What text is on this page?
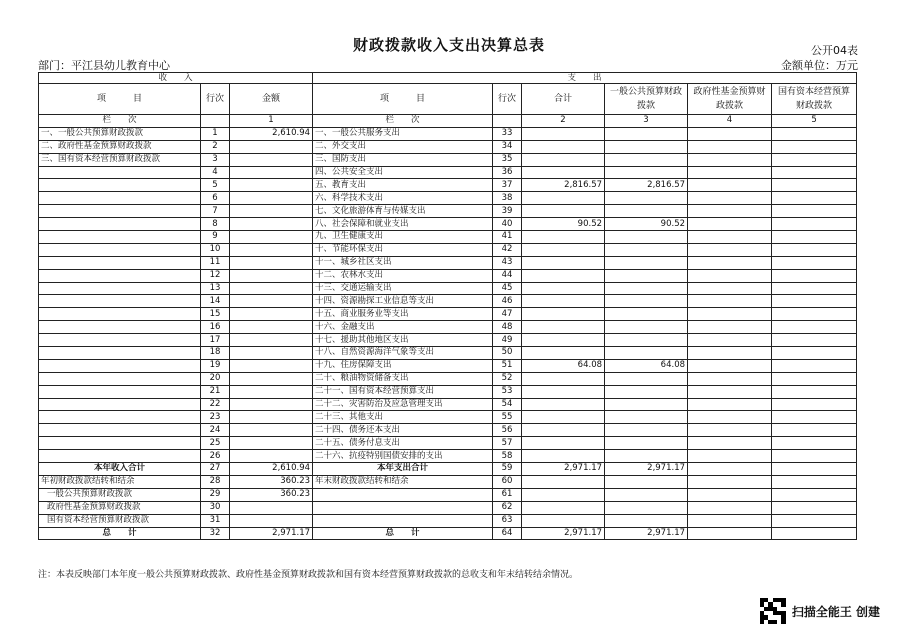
财政拨款收入支出决算总表	公开04表
部门：平江县幼儿教育中心	金额单位：万元
收　　入			支　　出					
项　　　目	行次	金额	项　　　目	行次	合计	一般公共预算财政拨款	政府性基金预算财政拨款	国有资本经营预算财政拨款
栏　　次		1	栏　　次		2	3	4	5
一、一般公共预算财政拨款	1	2,610.94	一、一般公共服务支出	33				
二、政府性基金预算财政拨款	2		二、外交支出	34				
三、国有资本经营预算财政拨款	3		三、国防支出	35				
	4		四、公共安全支出	36				
	5		五、教育支出	37	2,816.57	2,816.57		
	6		六、科学技术支出	38				
	7		七、文化旅游体育与传媒支出	39				
	8		八、社会保障和就业支出	40	90.52	90.52		
	9		九、卫生健康支出	41				
	10		十、节能环保支出	42				
	11		十一、城乡社区支出	43				
	12		十二、农林水支出	44				
	13		十三、交通运输支出	45				
	14		十四、资源勘探工业信息等支出	46				
	15		十五、商业服务业等支出	47				
	16		十六、金融支出	48				
	17		十七、援助其他地区支出	49				
	18		十八、自然资源海洋气象等支出	50				
	19		十九、住房保障支出	51	64.08	64.08		
	20		二十、粮油物资储备支出	52				
	21		二十一、国有资本经营预算支出	53				
	22		二十二、灾害防治及应急管理支出	54				
	23		二十三、其他支出	55				
	24		二十四、债务还本支出	56				
	25		二十五、债务付息支出	57				
	26		二十六、抗疫特别国债安排的支出	58				
本年收入合计	27	2,610.94	本年支出合计	59	2,971.17	2,971.17		
年初财政拨款结转和结余	28	360.23	年末财政拨款结转和结余	60				
一般公共预算财政拨款	29	360.23		61				
政府性基金预算财政拨款	30			62				
国有资本经营预算财政拨款	31			63				
总　　计	32	2,971.17	总　　计	64	2,971.17	2,971.17		
注：本表反映部门本年度一般公共预算财政拨款、政府性基金预算财政拨款和国有资本经营预算财政拨款的总收支和年末结转结余情况。
扫描全能王 创建
